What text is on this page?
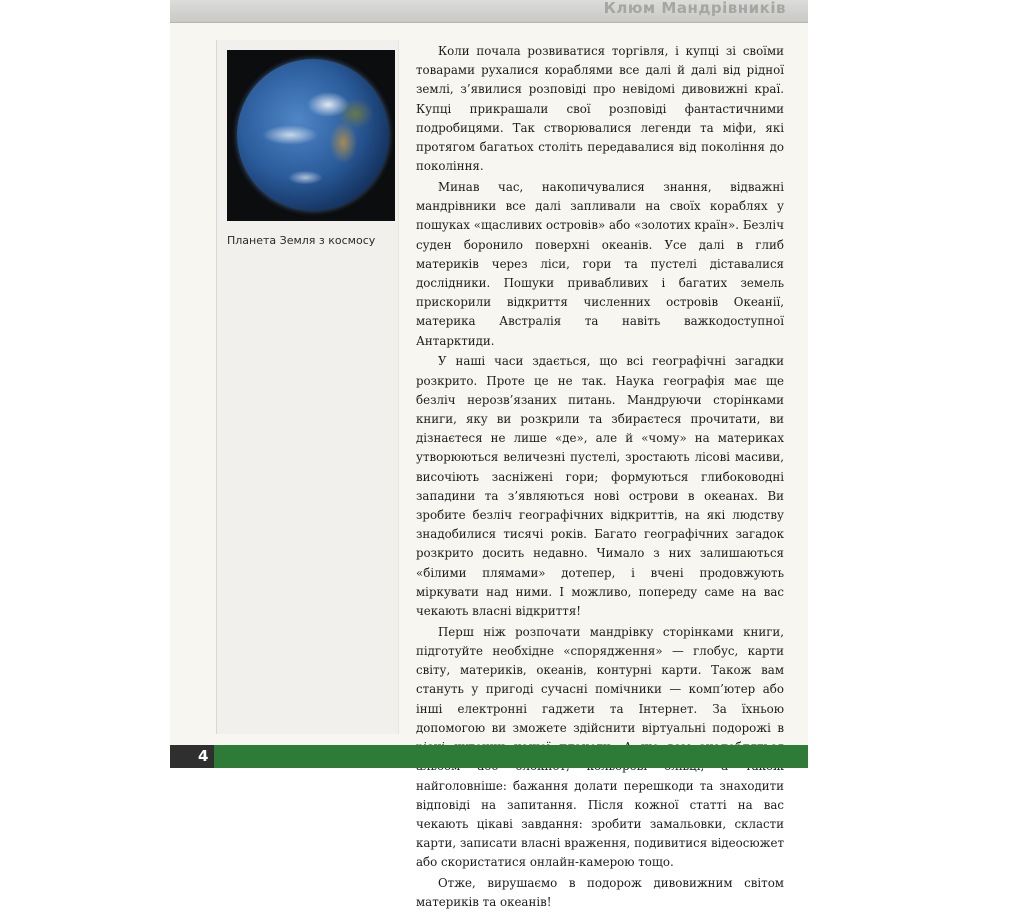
Клюм Мандрівників
Планета Земля з космосу

Коли почала розвиватися торгівля, і купці зі своїми товарами рухалися кораблями все далі й далі від рідної землі, з’явилися розповіді про невідомі дивовижні краї. Купці прикрашали свої розповіді фантастичними подробицями. Так створювалися легенди та міфи, які протягом багатьох століть передавалися від покоління до покоління.

Минав час, накопичувалися знання, відважні мандрівники все далі запливали на своїх кораблях у пошуках «щасливих островів» або «золотих країн». Безліч суден боронило поверхні океанів. Усе далі в глиб материків через ліси, гори та пустелі діставалися дослідники. Пошуки привабливих і багатих земель прискорили відкриття численних островів Океанії, материка Австралія та навіть важкодоступної Антарктиди.

У наші часи здається, що всі географічні загадки розкрито. Проте це не так. Наука географія має ще безліч нерозв’язаних питань. Мандруючи сторінками книги, яку ви розкрили та збираєтеся прочитати, ви дізнаєтеся не лише «де», але й «чому» на материках утворюються величезні пустелі, зростають лісові масиви, височіють засніжені гори; формуються глибоководні западини та з’являються нові острови в океанах. Ви зробите безліч географічних відкриттів, на які людству знадобилися тисячі років. Багато географічних загадок розкрито досить недавно. Чимало з них залишаються «білими плямами» дотепер, і вчені продовжують міркувати над ними. І можливо, попереду саме на вас чекають власні відкриття!

Перш ніж розпочати мандрівку сторінками книги, підготуйте необхідне «спорядження» — глобус, карти світу, материків, океанів, контурні карти. Також вам стануть у пригоді сучасні помічники — комп’ютер або інші електронні гаджети та Інтернет. За їхньою допомогою ви зможете здійснити віртуальні подорожі в найголовніше: бажання долати перешкоди та знаходити відповіді на запитання. Після кожної статті на вас чекають цікаві завдання: зробити замальовки, скласти карти, записати власні враження, подивитися відеосюжет або скористатися онлайн-камерою тощо.

Отже, вирушаємо в подорож дивовижним світом материків та океанів!

4
